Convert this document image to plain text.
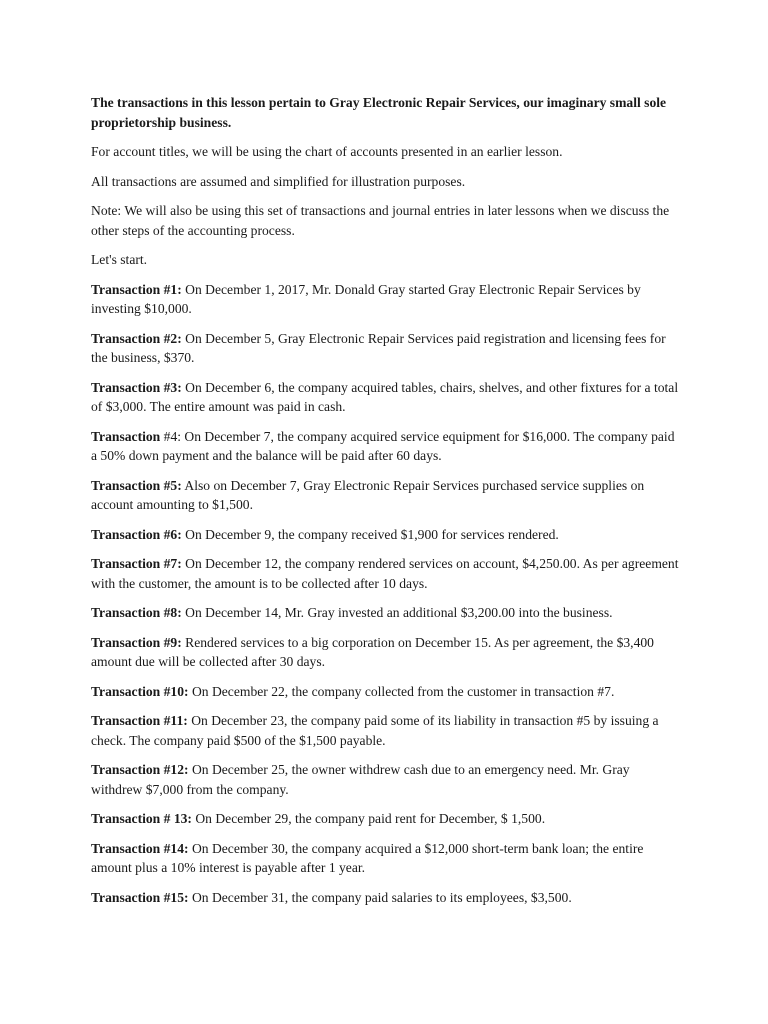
The transactions in this lesson pertain to Gray Electronic Repair Services, our imaginary small sole proprietorship business.

For account titles, we will be using the chart of accounts presented in an earlier lesson.

All transactions are assumed and simplified for illustration purposes.

Note: We will also be using this set of transactions and journal entries in later lessons when we discuss the other steps of the accounting process.

Let's start.

Transaction #1: On December 1, 2017, Mr. Donald Gray started Gray Electronic Repair Services by investing $10,000.

Transaction #2: On December 5, Gray Electronic Repair Services paid registration and licensing fees for the business, $370.

Transaction #3: On December 6, the company acquired tables, chairs, shelves, and other fixtures for a total of $3,000. The entire amount was paid in cash.

Transaction #4: On December 7, the company acquired service equipment for $16,000. The company paid a 50% down payment and the balance will be paid after 60 days.

Transaction #5: Also on December 7, Gray Electronic Repair Services purchased service supplies on account amounting to $1,500.

Transaction #6: On December 9, the company received $1,900 for services rendered.

Transaction #7: On December 12, the company rendered services on account, $4,250.00. As per agreement with the customer, the amount is to be collected after 10 days.

Transaction #8: On December 14, Mr. Gray invested an additional $3,200.00 into the business.

Transaction #9: Rendered services to a big corporation on December 15. As per agreement, the $3,400 amount due will be collected after 30 days.

Transaction #10: On December 22, the company collected from the customer in transaction #7.

Transaction #11: On December 23, the company paid some of its liability in transaction #5 by issuing a check. The company paid $500 of the $1,500 payable.

Transaction #12: On December 25, the owner withdrew cash due to an emergency need. Mr. Gray withdrew $7,000 from the company.

Transaction # 13: On December 29, the company paid rent for December, $ 1,500.

Transaction #14: On December 30, the company acquired a $12,000 short-term bank loan; the entire amount plus a 10% interest is payable after 1 year.

Transaction #15: On December 31, the company paid salaries to its employees, $3,500.
